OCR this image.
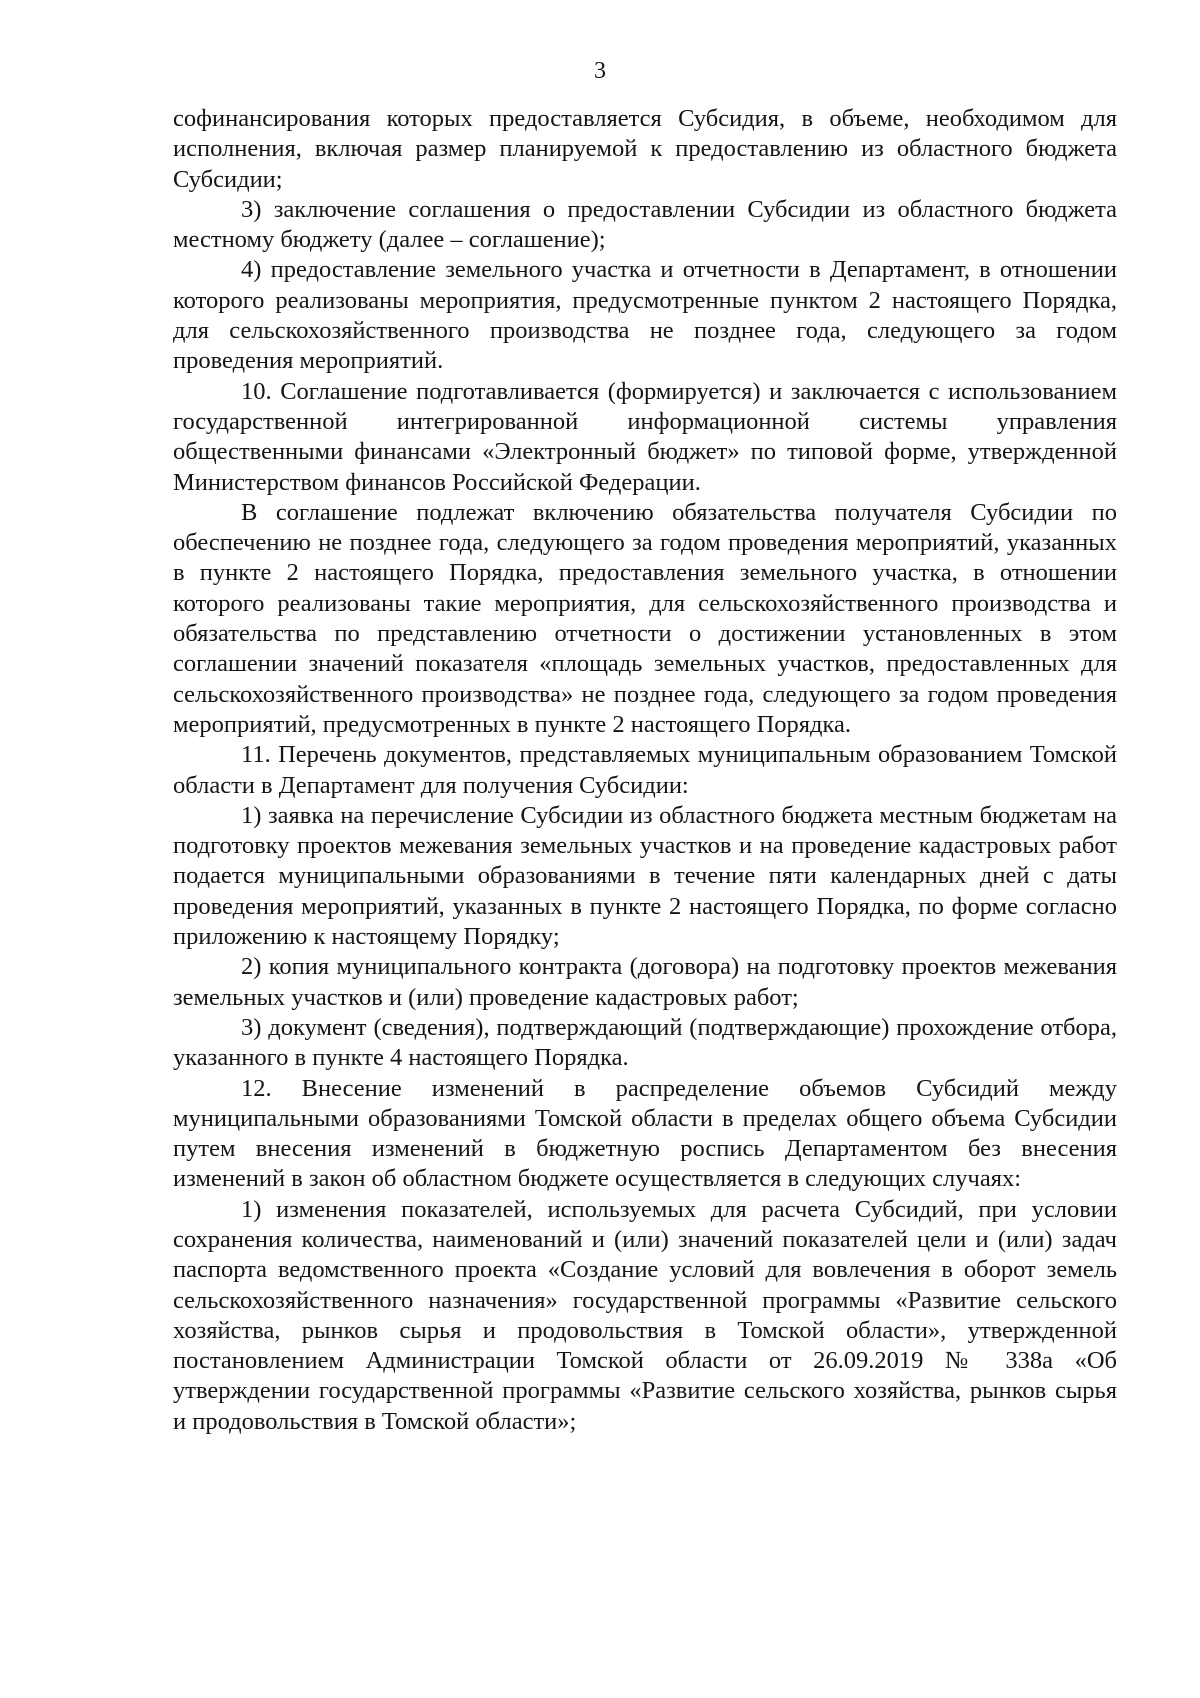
3

софинансирования которых предоставляется Субсидия, в объеме, необходимом для исполнения, включая размер планируемой к предоставлению из областного бюджета Субсидии;

3) заключение соглашения о предоставлении Субсидии из областного бюджета местному бюджету (далее – соглашение);

4) предоставление земельного участка и отчетности в Департамент, в отношении которого реализованы мероприятия, предусмотренные пунктом 2 настоящего Порядка, для сельскохозяйственного производства не позднее года, следующего за годом проведения мероприятий.

10. Соглашение подготавливается (формируется) и заключается с использованием государственной интегрированной информационной системы управления общественными финансами «Электронный бюджет» по типовой форме, утвержденной Министерством финансов Российской Федерации.

В соглашение подлежат включению обязательства получателя Субсидии по обеспечению не позднее года, следующего за годом проведения мероприятий, указанных в пункте 2 настоящего Порядка, предоставления земельного участка, в отношении которого реализованы такие мероприятия, для сельскохозяйственного производства и обязательства по представлению отчетности о достижении установленных в этом соглашении значений показателя «площадь земельных участков, предоставленных для сельскохозяйственного производства» не позднее года, следующего за годом проведения мероприятий, предусмотренных в пункте 2 настоящего Порядка.

11. Перечень документов, представляемых муниципальным образованием Томской области в Департамент для получения Субсидии:

1) заявка на перечисление Субсидии из областного бюджета местным бюджетам на подготовку проектов межевания земельных участков и на проведение кадастровых работ подается муниципальными образованиями в течение пяти календарных дней с даты проведения мероприятий, указанных в пункте 2 настоящего Порядка, по форме согласно приложению к настоящему Порядку;

2) копия муниципального контракта (договора) на подготовку проектов межевания земельных участков и (или) проведение кадастровых работ;

3) документ (сведения), подтверждающий (подтверждающие) прохождение отбора, указанного в пункте 4 настоящего Порядка.

12. Внесение изменений в распределение объемов Субсидий между муниципальными образованиями Томской области в пределах общего объема Субсидии путем внесения изменений в бюджетную роспись Департаментом без внесения изменений в закон об областном бюджете осуществляется в следующих случаях:

1) изменения показателей, используемых для расчета Субсидий, при условии сохранения количества, наименований и (или) значений показателей цели и (или) задач паспорта ведомственного проекта «Создание условий для вовлечения в оборот земель сельскохозяйственного назначения» государственной программы «Развитие сельского хозяйства, рынков сырья и продовольствия в Томской области», утвержденной постановлением Администрации Томской области от 26.09.2019 № 338а «Об утверждении государственной программы «Развитие сельского хозяйства, рынков сырья и продовольствия в Томской области»;
